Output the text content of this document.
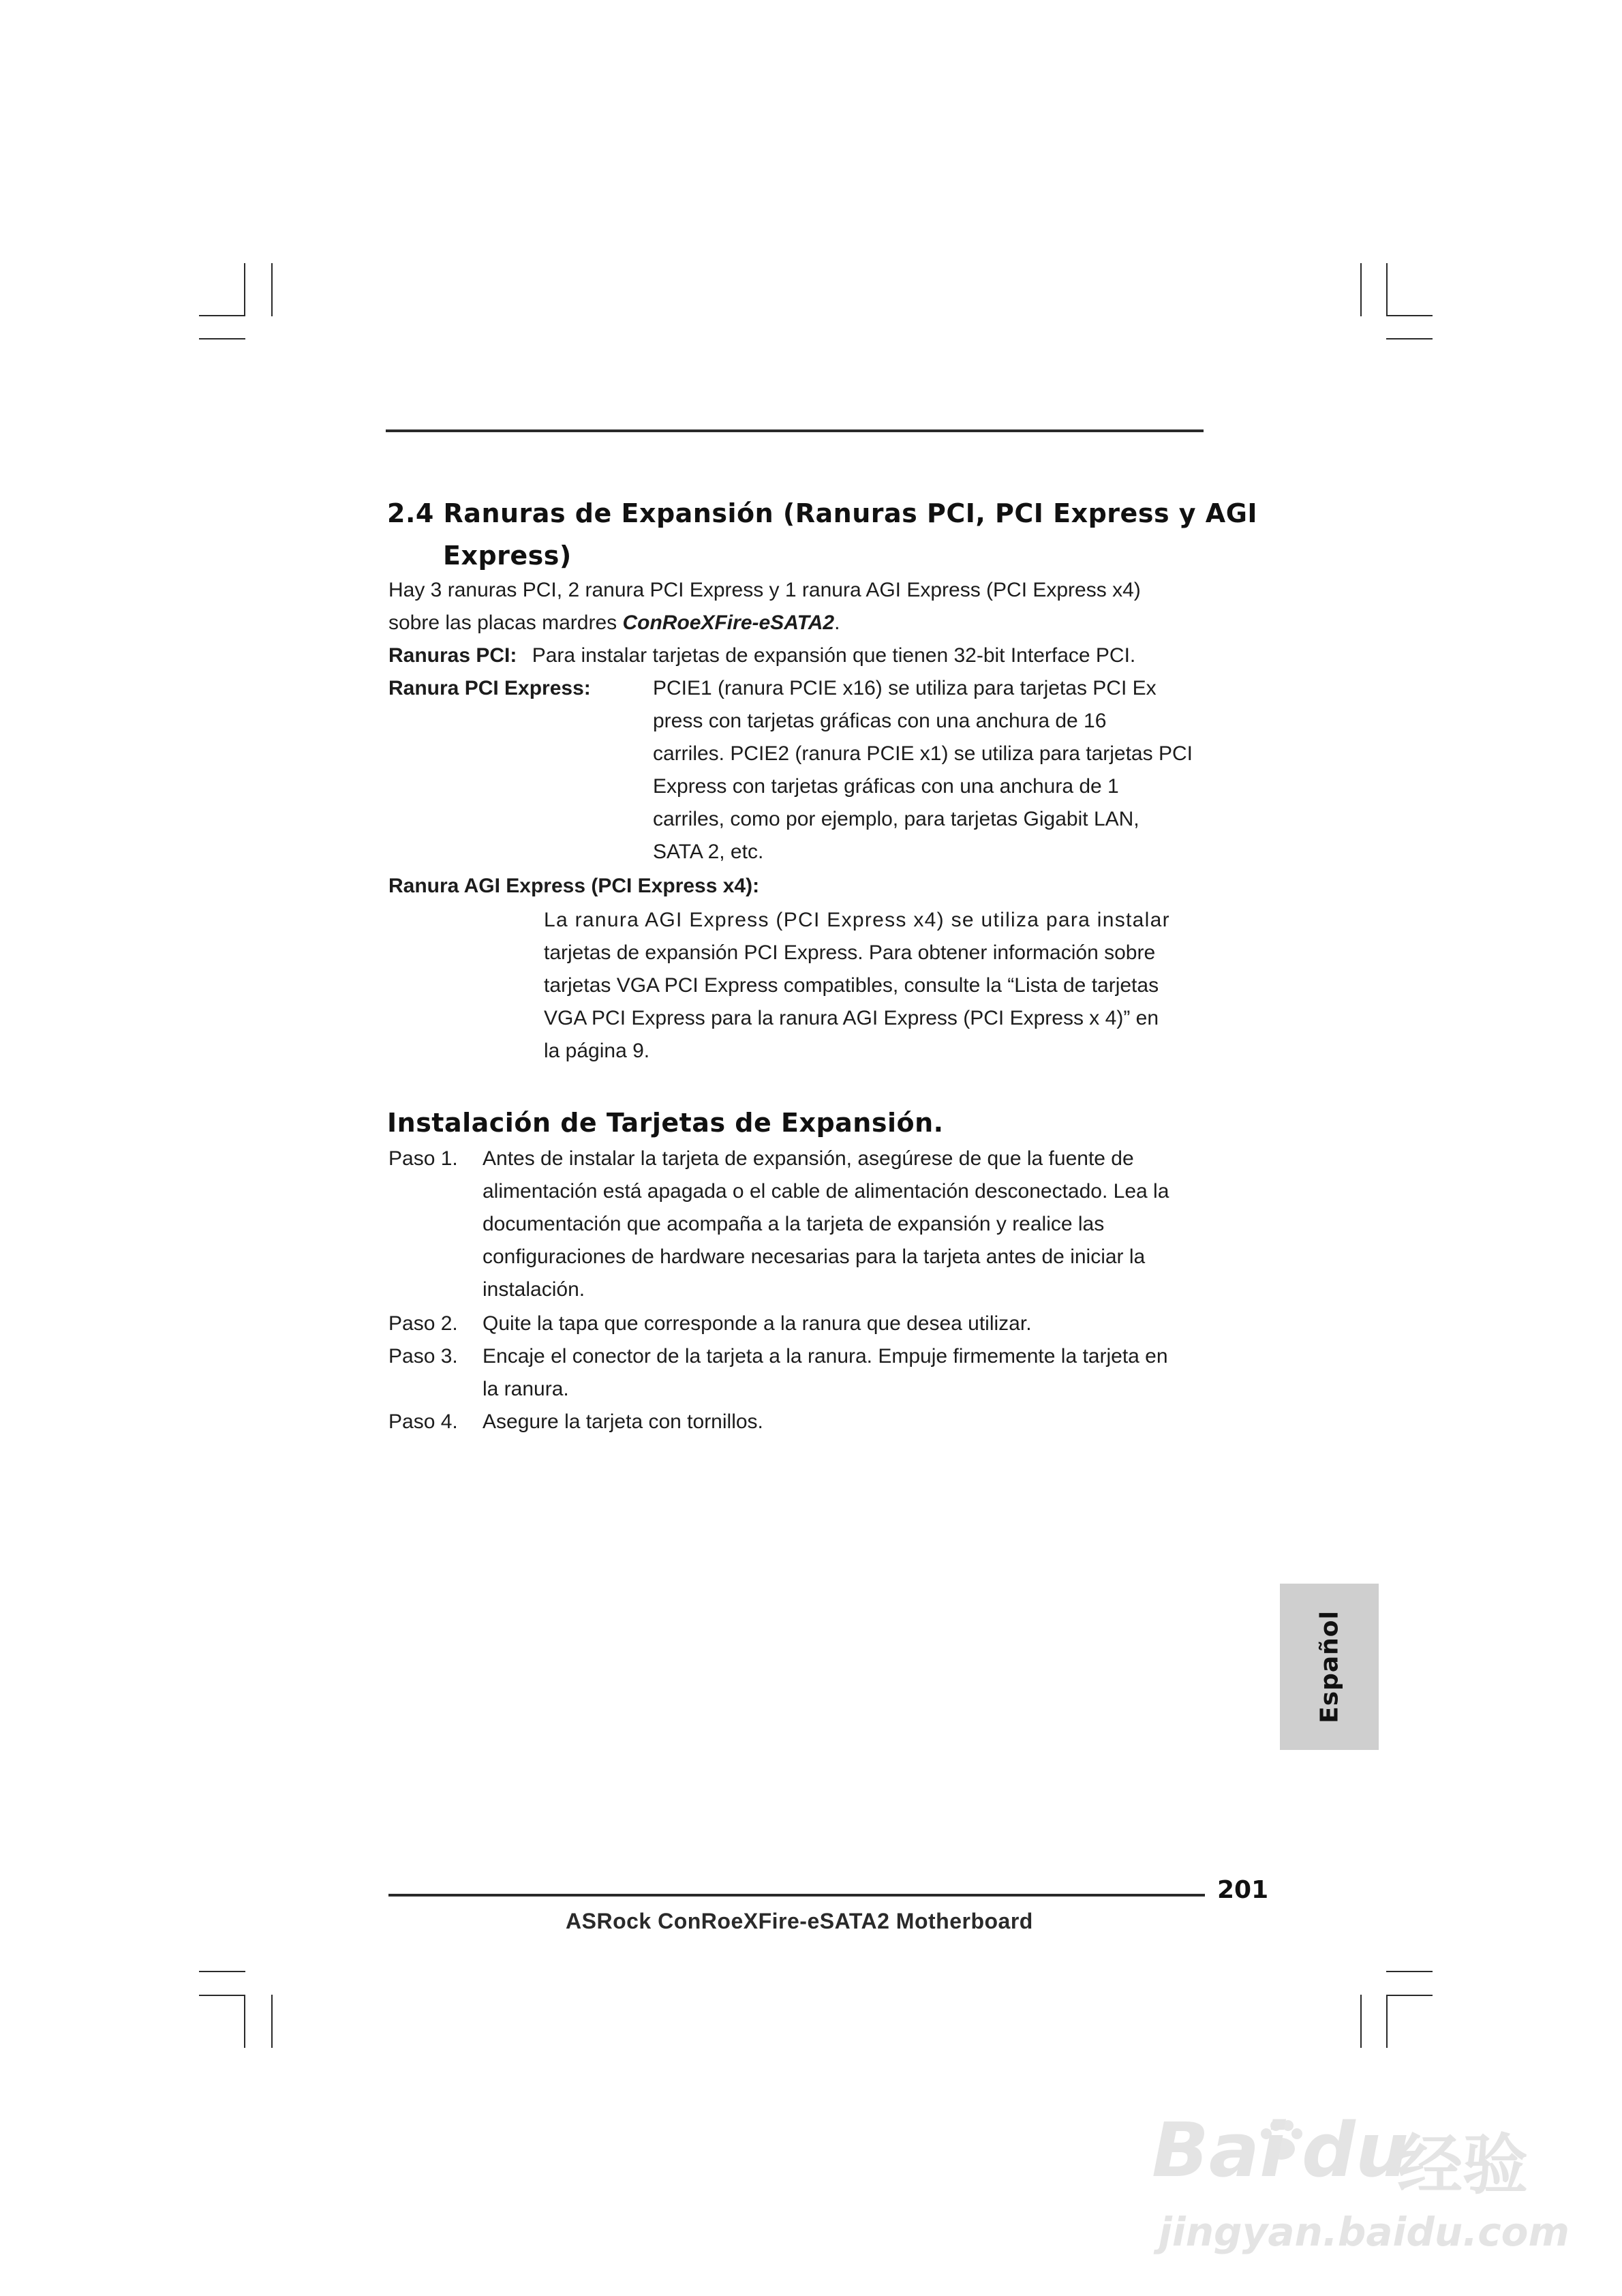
2.4 Ranuras de Expansión (Ranuras PCI, PCI Express y AGI
Express)
Hay 3 ranuras PCI, 2 ranura PCI Express y 1 ranura AGI Express (PCI Express x4)
sobre las placas mardres ConRoeXFire-eSATA2.
Ranuras PCI: Para instalar tarjetas de expansión que tienen 32-bit Interface PCI.
Ranura PCI Express:	PCIE1 (ranura PCIE x16) se utiliza para tarjetas PCI Ex
press con tarjetas gráficas con una anchura de 16
carriles. PCIE2 (ranura PCIE x1) se utiliza para tarjetas PCI
Express con tarjetas gráficas con una anchura de 1
carriles, como por ejemplo, para tarjetas Gigabit LAN,
SATA 2, etc.
Ranura AGI Express (PCI Express x4):
La ranura AGI Express (PCI Express x4) se utiliza para instalar
tarjetas de expansión PCI Express. Para obtener información sobre
tarjetas VGA PCI Express compatibles, consulte la “Lista de tarjetas
VGA PCI Express para la ranura AGI Express (PCI Express x 4)” en
la página 9.
Instalación de Tarjetas de Expansión.
Paso 1. Antes de instalar la tarjeta de expansión, asegúrese de que la fuente de
alimentación está apagada o el cable de alimentación desconectado. Lea la
documentación que acompaña a la tarjeta de expansión y realice las
configuraciones de hardware necesarias para la tarjeta antes de iniciar la
instalación.
Paso 2. Quite la tapa que corresponde a la ranura que desea utilizar.
Paso 3. Encaje el conector de la tarjeta a la ranura. Empuje firmemente la tarjeta en
la ranura.
Paso 4. Asegure la tarjeta con tornillos.
Español
201
ASRock ConRoeXFire-eSATA2 Motherboard
Bai du
经验
jingyan.baidu.com
